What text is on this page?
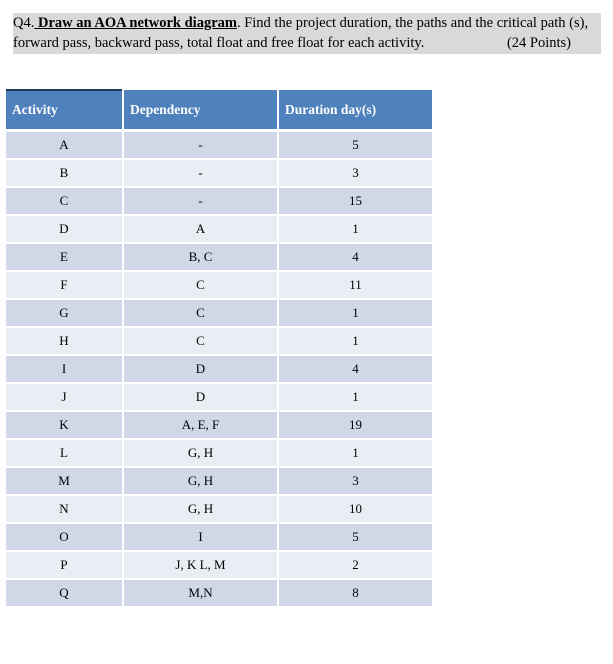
Q4. Draw an AOA network diagram. Find the project duration, the paths and the critical path (s),
forward pass, backward pass, total float and free float for each activity.	(24 Points)
Activity	Dependency	Duration day(s)
A	-	5
B	-	3
C	-	15
D	A	1
E	B, C	4
F	C	11
G	C	1
H	C	1
I	D	4
J	D	1
K	A, E, F	19
L	G, H	1
M	G, H	3
N	G, H	10
O	I	5
P	J, K L, M	2
Q	M,N	8
